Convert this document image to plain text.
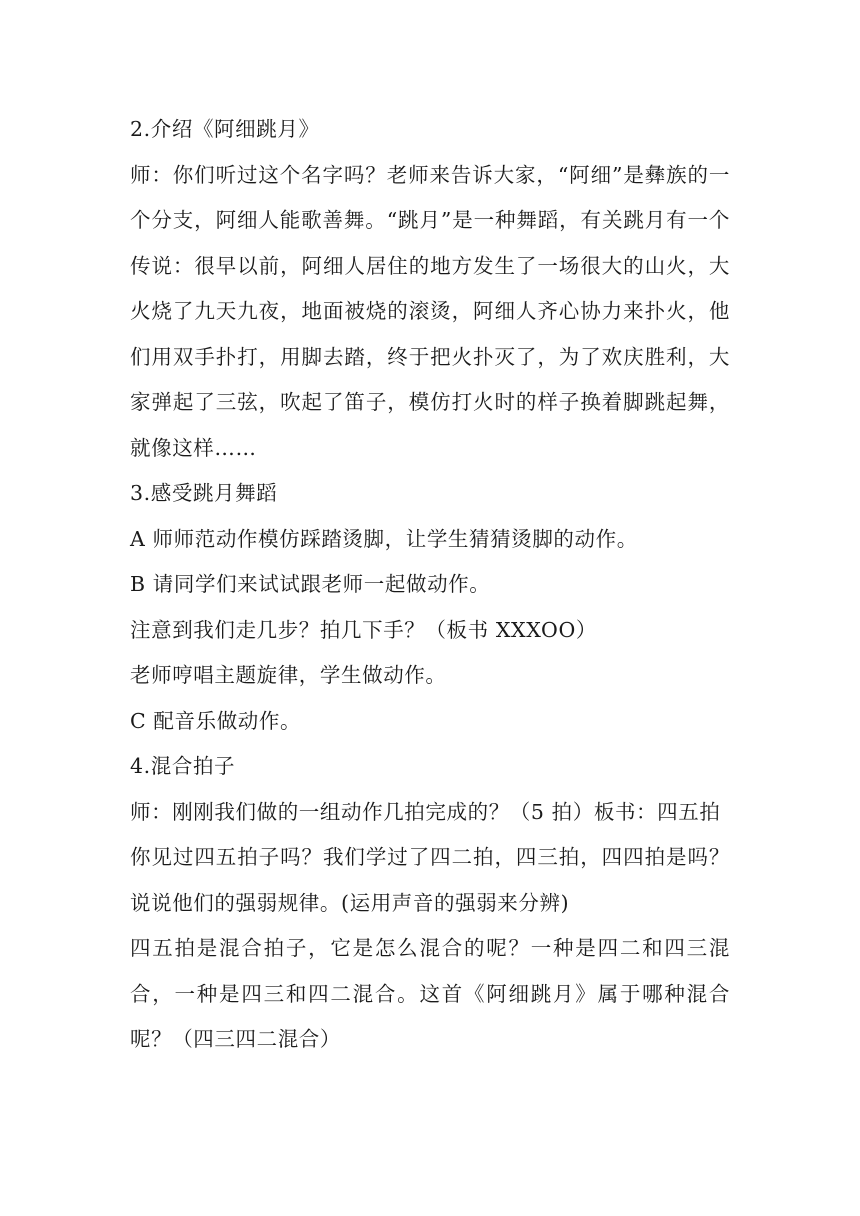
2.介绍《阿细跳月》

师：你们听过这个名字吗？老师来告诉大家，“阿细”是彝族的一个分支，阿细人能歌善舞。“跳月”是一种舞蹈，有关跳月有一个传说：很早以前，阿细人居住的地方发生了一场很大的山火，大火烧了九天九夜，地面被烧的滚烫，阿细人齐心协力来扑火，他们用双手扑打，用脚去踏，终于把火扑灭了，为了欢庆胜利，大家弹起了三弦，吹起了笛子，模仿打火时的样子换着脚跳起舞，就像这样……

3.感受跳月舞蹈

A 师师范动作模仿踩踏烫脚，让学生猜猜烫脚的动作。

B 请同学们来试试跟老师一起做动作。

注意到我们走几步？拍几下手？（板书 XXXOO）

老师哼唱主题旋律，学生做动作。

C 配音乐做动作。

4.混合拍子

师：刚刚我们做的一组动作几拍完成的？（5 拍）板书：四五拍

你见过四五拍子吗？我们学过了四二拍，四三拍，四四拍是吗？说说他们的强弱规律。(运用声音的强弱来分辨)

四五拍是混合拍子，它是怎么混合的呢？一种是四二和四三混合，一种是四三和四二混合。这首《阿细跳月》属于哪种混合呢？（四三四二混合）
